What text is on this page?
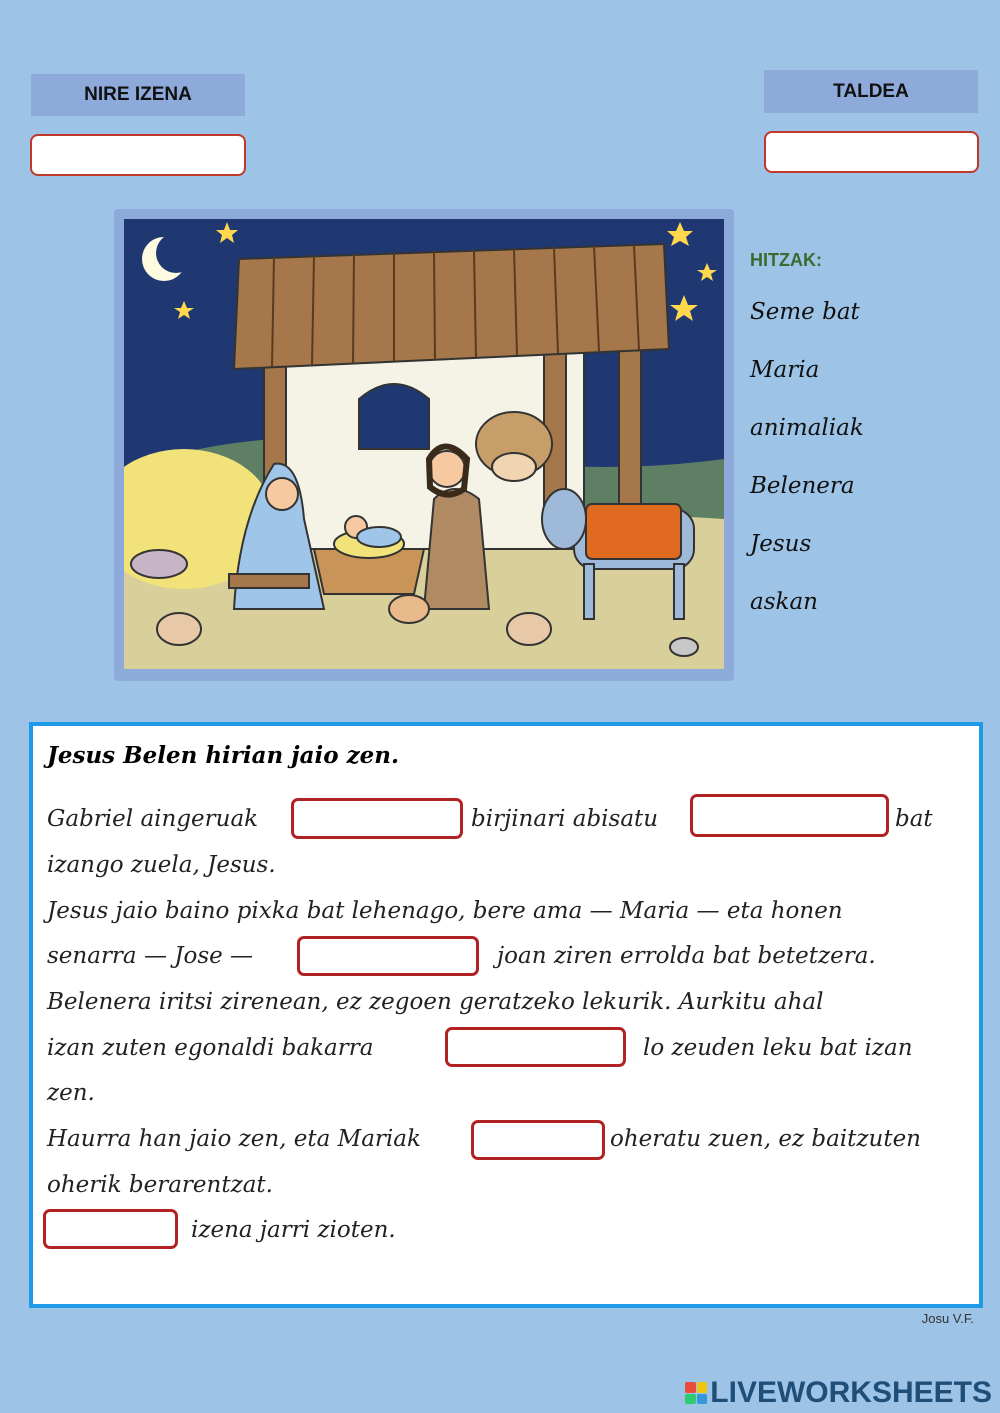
NIRE IZENA	TALDEA
HITZAK:
Seme bat
Maria
animaliak
Belenera
Jesus
askan
Jesus Belen hirian jaio zen.
Gabriel aingeruak	birjinari abisatu	bat
izango zuela, Jesus.
Jesus jaio baino pixka bat lehenago, bere ama — Maria — eta honen
senarra — Jose —	joan ziren errolda bat betetzera.
Belenera iritsi zirenean, ez zegoen geratzeko lekurik. Aurkitu ahal
izan zuten egonaldi bakarra	lo zeuden leku bat izan
zen.
Haurra han jaio zen, eta Mariak	oheratu zuen, ez baitzuten
oherik berarentzat.
izena jarri zioten.
Josu V.F.
LIVEWORKSHEETS
